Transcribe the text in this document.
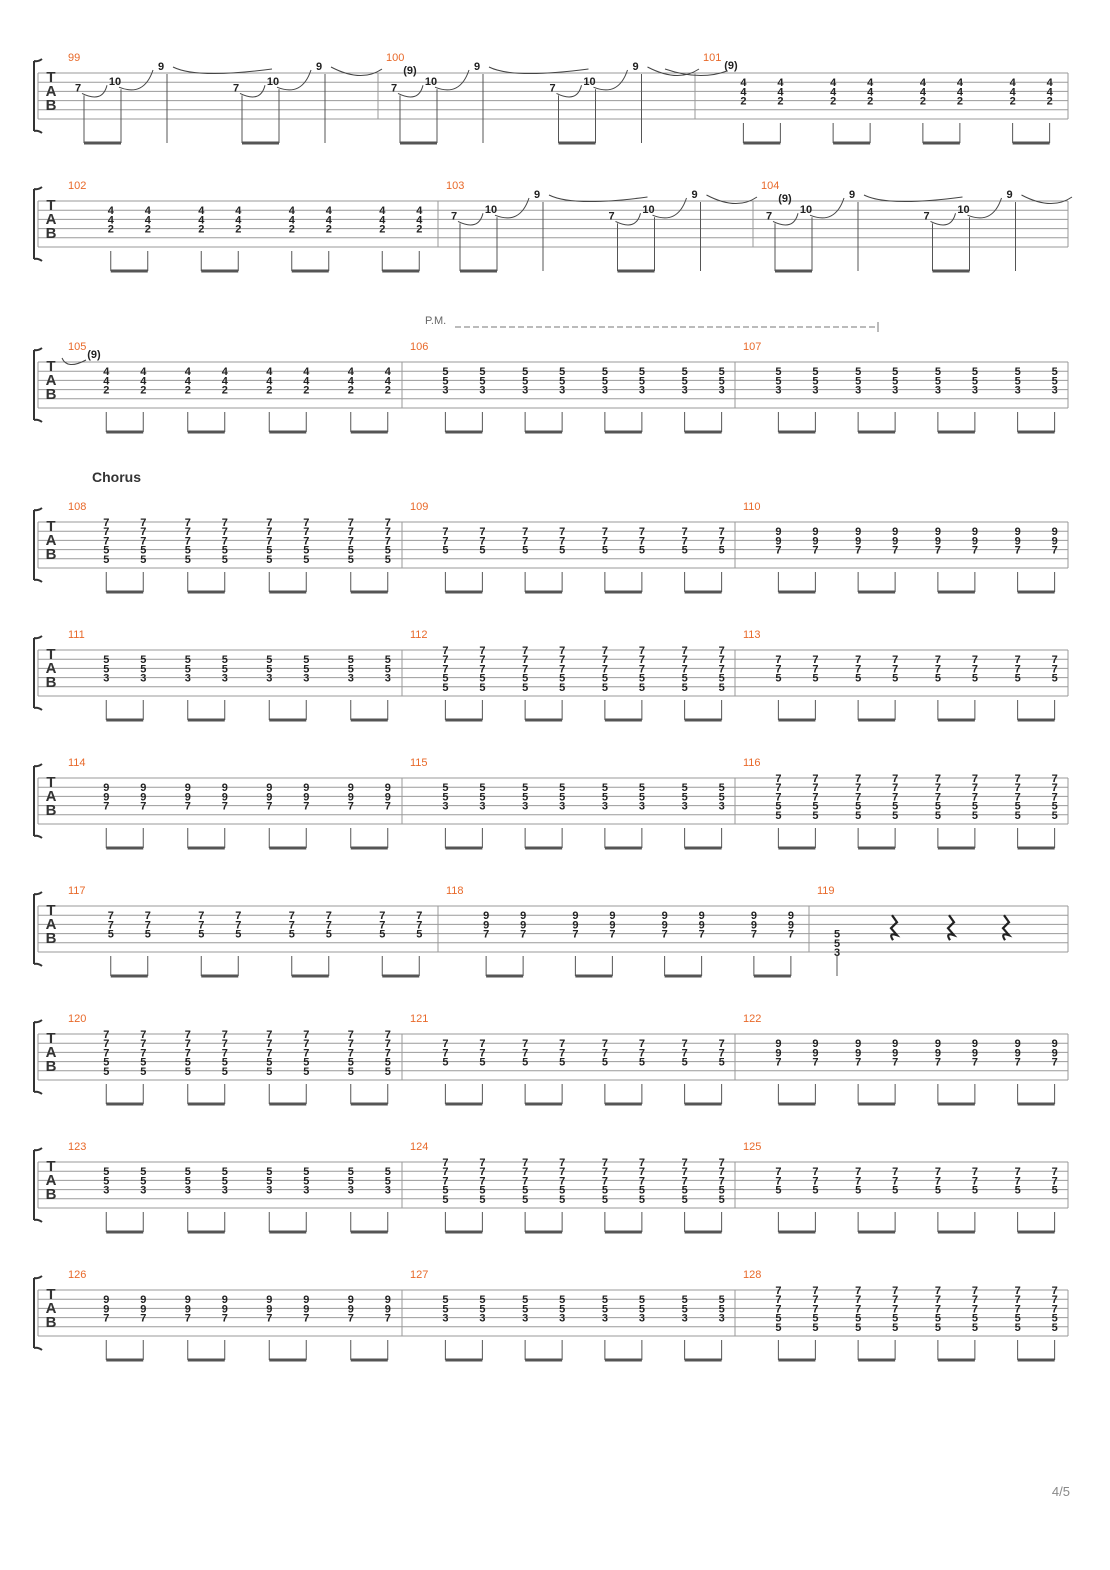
T
A
B
99
7
10
9
7
10
9
100
7
10
9
7
10
9
(9)
101
4
4
2
4
4
2
4
4
2
4
4
2
4
4
2
4
4
2
4
4
2
4
4
2
(9)
T
A
B
102
4
4
2
4
4
2
4
4
2
4
4
2
4
4
2
4
4
2
4
4
2
4
4
2
103
7
10
9
7
10
9
104
7
10
9
7
10
9
(9)
T
A
B
P.M.
105
4
4
2
4
4
2
4
4
2
4
4
2
4
4
2
4
4
2
4
4
2
4
4
2
(9)
106
5
5
3
5
5
3
5
5
3
5
5
3
5
5
3
5
5
3
5
5
3
5
5
3
107
5
5
3
5
5
3
5
5
3
5
5
3
5
5
3
5
5
3
5
5
3
5
5
3
T
A
B
Chorus
108
7
7
7
5
5
7
7
7
5
5
7
7
7
5
5
7
7
7
5
5
7
7
7
5
5
7
7
7
5
5
7
7
7
5
5
7
7
7
5
5
109
7
7
5
7
7
5
7
7
5
7
7
5
7
7
5
7
7
5
7
7
5
7
7
5
110
9
9
7
9
9
7
9
9
7
9
9
7
9
9
7
9
9
7
9
9
7
9
9
7
T
A
B
111
5
5
3
5
5
3
5
5
3
5
5
3
5
5
3
5
5
3
5
5
3
5
5
3
112
7
7
7
5
5
7
7
7
5
5
7
7
7
5
5
7
7
7
5
5
7
7
7
5
5
7
7
7
5
5
7
7
7
5
5
7
7
7
5
5
113
7
7
5
7
7
5
7
7
5
7
7
5
7
7
5
7
7
5
7
7
5
7
7
5
T
A
B
114
9
9
7
9
9
7
9
9
7
9
9
7
9
9
7
9
9
7
9
9
7
9
9
7
115
5
5
3
5
5
3
5
5
3
5
5
3
5
5
3
5
5
3
5
5
3
5
5
3
116
7
7
7
5
5
7
7
7
5
5
7
7
7
5
5
7
7
7
5
5
7
7
7
5
5
7
7
7
5
5
7
7
7
5
5
7
7
7
5
5
T
A
B
117
7
7
5
7
7
5
7
7
5
7
7
5
7
7
5
7
7
5
7
7
5
7
7
5
118
9
9
7
9
9
7
9
9
7
9
9
7
9
9
7
9
9
7
9
9
7
9
9
7
119
5
5
3
T
A
B
120
7
7
7
5
5
7
7
7
5
5
7
7
7
5
5
7
7
7
5
5
7
7
7
5
5
7
7
7
5
5
7
7
7
5
5
7
7
7
5
5
121
7
7
5
7
7
5
7
7
5
7
7
5
7
7
5
7
7
5
7
7
5
7
7
5
122
9
9
7
9
9
7
9
9
7
9
9
7
9
9
7
9
9
7
9
9
7
9
9
7
T
A
B
123
5
5
3
5
5
3
5
5
3
5
5
3
5
5
3
5
5
3
5
5
3
5
5
3
124
7
7
7
5
5
7
7
7
5
5
7
7
7
5
5
7
7
7
5
5
7
7
7
5
5
7
7
7
5
5
7
7
7
5
5
7
7
7
5
5
125
7
7
5
7
7
5
7
7
5
7
7
5
7
7
5
7
7
5
7
7
5
7
7
5
T
A
B
126
9
9
7
9
9
7
9
9
7
9
9
7
9
9
7
9
9
7
9
9
7
9
9
7
127
5
5
3
5
5
3
5
5
3
5
5
3
5
5
3
5
5
3
5
5
3
5
5
3
128
7
7
7
5
5
7
7
7
5
5
7
7
7
5
5
7
7
7
5
5
7
7
7
5
5
7
7
7
5
5
7
7
7
5
5
7
7
7
5
5
4/5
